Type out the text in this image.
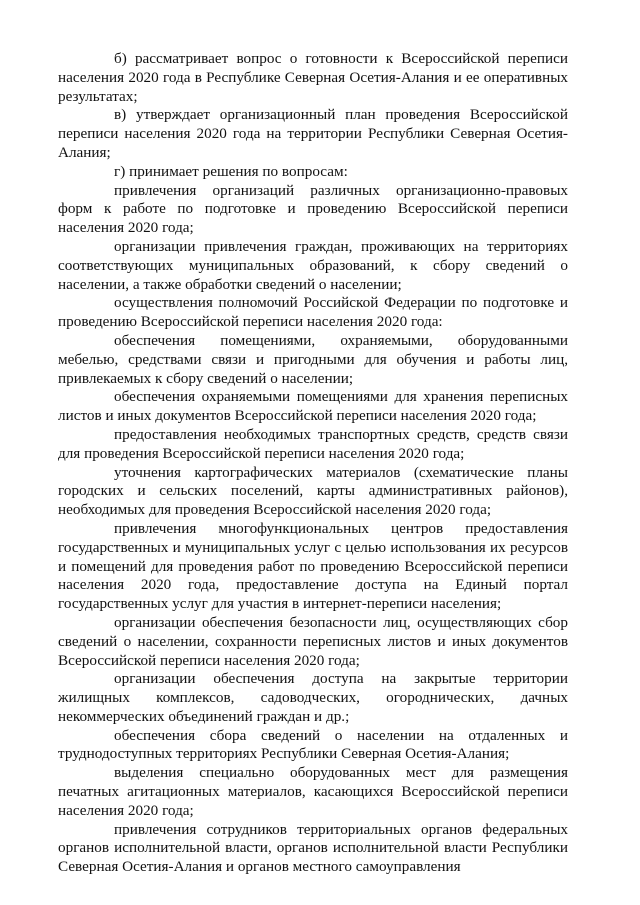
б) рассматривает вопрос о готовности к Всероссийской переписи населения 2020 года в Республике Северная Осетия-Алания и ее оперативных результатах;

в) утверждает организационный план проведения Всероссийской переписи населения 2020 года на территории Республики Северная Осетия-Алания;

г) принимает решения по вопросам:

привлечения организаций различных организационно-правовых форм к работе по подготовке и проведению Всероссийской переписи населения 2020 года;

организации привлечения граждан, проживающих на территориях соответствующих муниципальных образований, к сбору сведений о населении, а также обработки сведений о населении;

осуществления полномочий Российской Федерации по подготовке и проведению Всероссийской переписи населения 2020 года:

обеспечения помещениями, охраняемыми, оборудованными мебелью, средствами связи и пригодными для обучения и работы лиц, привлекаемых к сбору сведений о населении;

обеспечения охраняемыми помещениями для хранения переписных листов и иных документов Всероссийской переписи населения 2020 года;

предоставления необходимых транспортных средств, средств связи для проведения Всероссийской переписи населения 2020 года;

уточнения картографических материалов (схематические планы городских и сельских поселений, карты административных районов), необходимых для проведения Всероссийской населения 2020 года;

привлечения многофункциональных центров предоставления государственных и муниципальных услуг с целью использования их ресурсов и помещений для проведения работ по проведению Всероссийской переписи населения 2020 года, предоставление доступа на Единый портал государственных услуг для участия в интернет-переписи населения;

организации обеспечения безопасности лиц, осуществляющих сбор сведений о населении, сохранности переписных листов и иных документов Всероссийской переписи населения 2020 года;

организации обеспечения доступа на закрытые территории жилищных комплексов, садоводческих, огороднических, дачных некоммерческих объединений граждан и др.;

обеспечения сбора сведений о населении на отдаленных и труднодоступных территориях Республики Северная Осетия-Алания;

выделения специально оборудованных мест для размещения печатных агитационных материалов, касающихся Всероссийской переписи населения 2020 года;

привлечения сотрудников территориальных органов федеральных органов исполнительной власти, органов исполнительной власти Республики Северная Осетия-Алания и органов местного самоуправления
